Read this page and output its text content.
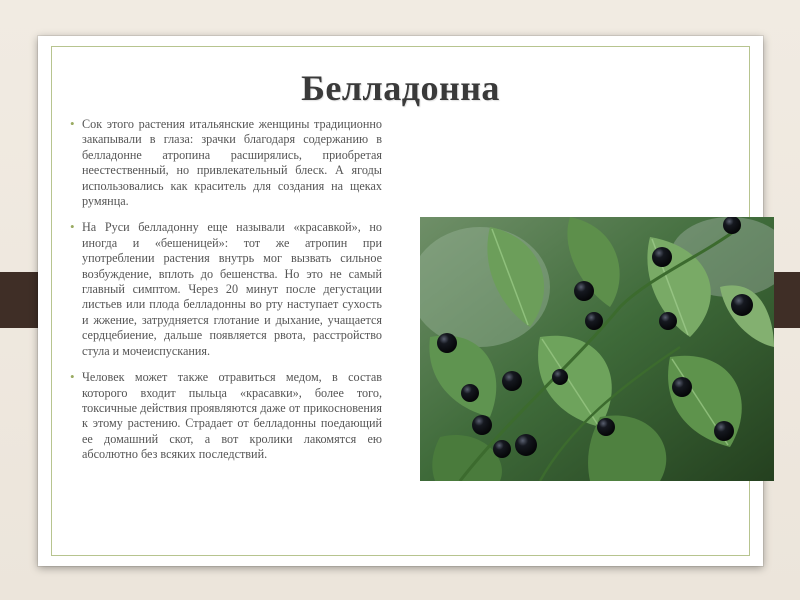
Белладонна

• Сок этого растения итальянские женщины традиционно закапывали в глаза: зрачки благодаря содержанию в белладонне атропина расширялись, приобретая неестественный, но привлекательный блеск. А ягоды использовались как краситель для создания на щеках румянца.

• На Руси белладонну еще называли «красавкой», но иногда и «бешеницей»: тот же атропин при употреблении растения внутрь мог вызвать сильное возбуждение, вплоть до бешенства. Но это не самый главный симптом. Через 20 минут после дегустации листьев или плода белладонны во рту наступает сухость и жжение, затрудняется глотание и дыхание, учащается сердцебиение, дальше появляется рвота, расстройство стула и мочеиспускания.

• Человек может также отравиться медом, в состав которого входит пыльца «красавки», более того, токсичные действия проявляются даже от прикосновения к этому растению. Страдает от белладонны поедающий ее домашний скот, а вот кролики лакомятся ею абсолютно без всяких последствий.
